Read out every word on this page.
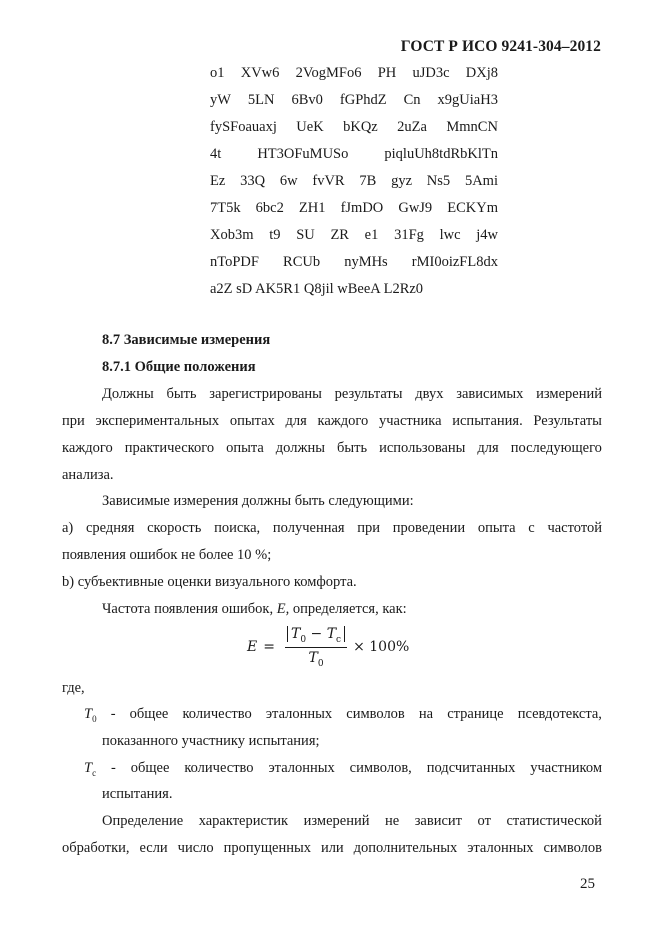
ГОСТ Р ИСО 9241-304–2012
o1 XVw6 2VogMFo6 PH uJD3c DXj8
yW 5LN 6Bv0 fGPhdZ Cn x9gUiaH3
fySFoauaxj UeK bKQz 2uZa MmnCN
4t HT3OFuMUSo piqluUh8tdRbKlTn
Ez 33Q 6w fvVR 7B gyz Ns5 5Ami
7T5k 6bc2 ZH1 fJmDO GwJ9 ECKYm
Xob3m t9 SU ZR e1 31Fg lwc j4w
nToPDF RCUb nyMHs rMI0oizFL8dx
a2Z sD AK5R1 Q8jil wBeeA L2Rz0
8.7 Зависимые измерения
8.7.1 Общие положения
Должны быть зарегистрированы результаты двух зависимых измерений
при экспериментальных опытах для каждого участника испытания. Результаты
каждого практического опыта должны быть использованы для последующего
анализа.
Зависимые измерения должны быть следующими:
а) средняя скорость поиска, полученная при проведении опыта с частотой
появления ошибок не более 10 %;
b) субъективные оценки визуального комфорта.
Частота появления ошибок, E, определяется, как:
$E = \frac{T_0 - T_c}{T_0} \times 100\%$
где,
$T_0$ - общее количество эталонных символов на странице псевдотекста,
показанного участнику испытания;
$T_c$ - общее количество эталонных символов, подсчитанных участником
испытания.
Определение характеристик измерений не зависит от статистической
обработки, если число пропущенных или дополнительных эталонных символов
25
